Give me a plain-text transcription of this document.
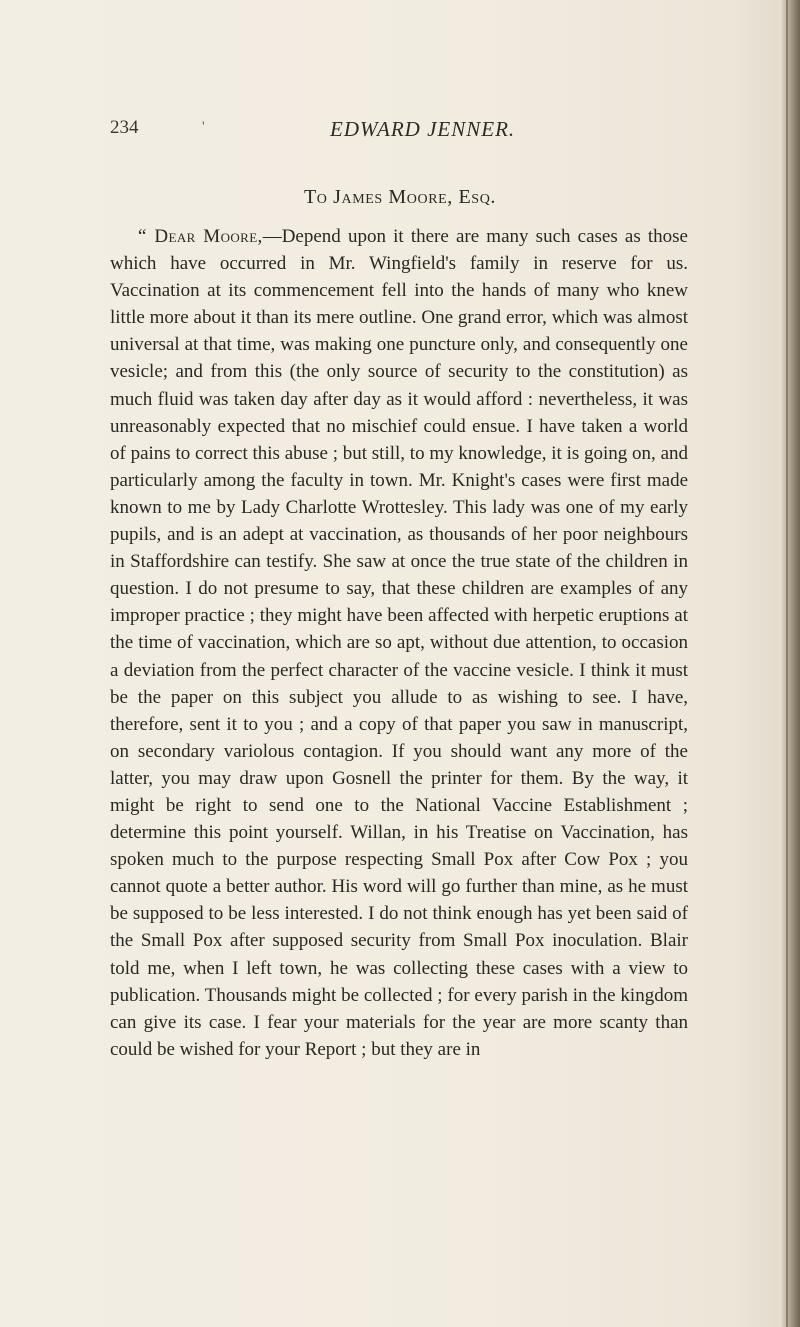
234	'	EDWARD JENNER.
To James Moore, Esq.

“ Dear Moore,—Depend upon it there are many such cases as those which have occurred in Mr. Wingfield's family in reserve for us. Vaccination at its commencement fell into the hands of many who knew little more about it than its mere outline. One grand error, which was almost universal at that time, was making one puncture only, and consequently one vesicle; and from this (the only source of security to the constitution) as much fluid was taken day after day as it would afford : nevertheless, it was unreasonably expected that no mischief could ensue. I have taken a world of pains to correct this abuse ; but still, to my knowledge, it is going on, and particularly among the faculty in town. Mr. Knight's cases were first made known to me by Lady Charlotte Wrottesley. This lady was one of my early pupils, and is an adept at vaccination, as thousands of her poor neighbours in Staffordshire can testify. She saw at once the true state of the children in question. I do not presume to say, that these children are examples of any improper practice ; they might have been affected with herpetic eruptions at the time of vaccination, which are so apt, without due attention, to occasion a deviation from the perfect character of the vaccine vesicle. I think it must be the paper on this subject you allude to as wishing to see. I have, therefore, sent it to you ; and a copy of that paper you saw in manuscript, on secondary variolous contagion. If you should want any more of the latter, you may draw upon Gosnell the printer for them. By the way, it might be right to send one to the National Vaccine Establishment ; determine this point yourself. Willan, in his Treatise on Vaccination, has spoken much to the purpose respecting Small Pox after Cow Pox ; you cannot quote a better author. His word will go further than mine, as he must be supposed to be less interested. I do not think enough has yet been said of the Small Pox after supposed security from Small Pox inoculation. Blair told me, when I left town, he was collecting these cases with a view to publication. Thousands might be collected ; for every parish in the kingdom can give its case. I fear your materials for the year are more scanty than could be wished for your Report ; but they are in
